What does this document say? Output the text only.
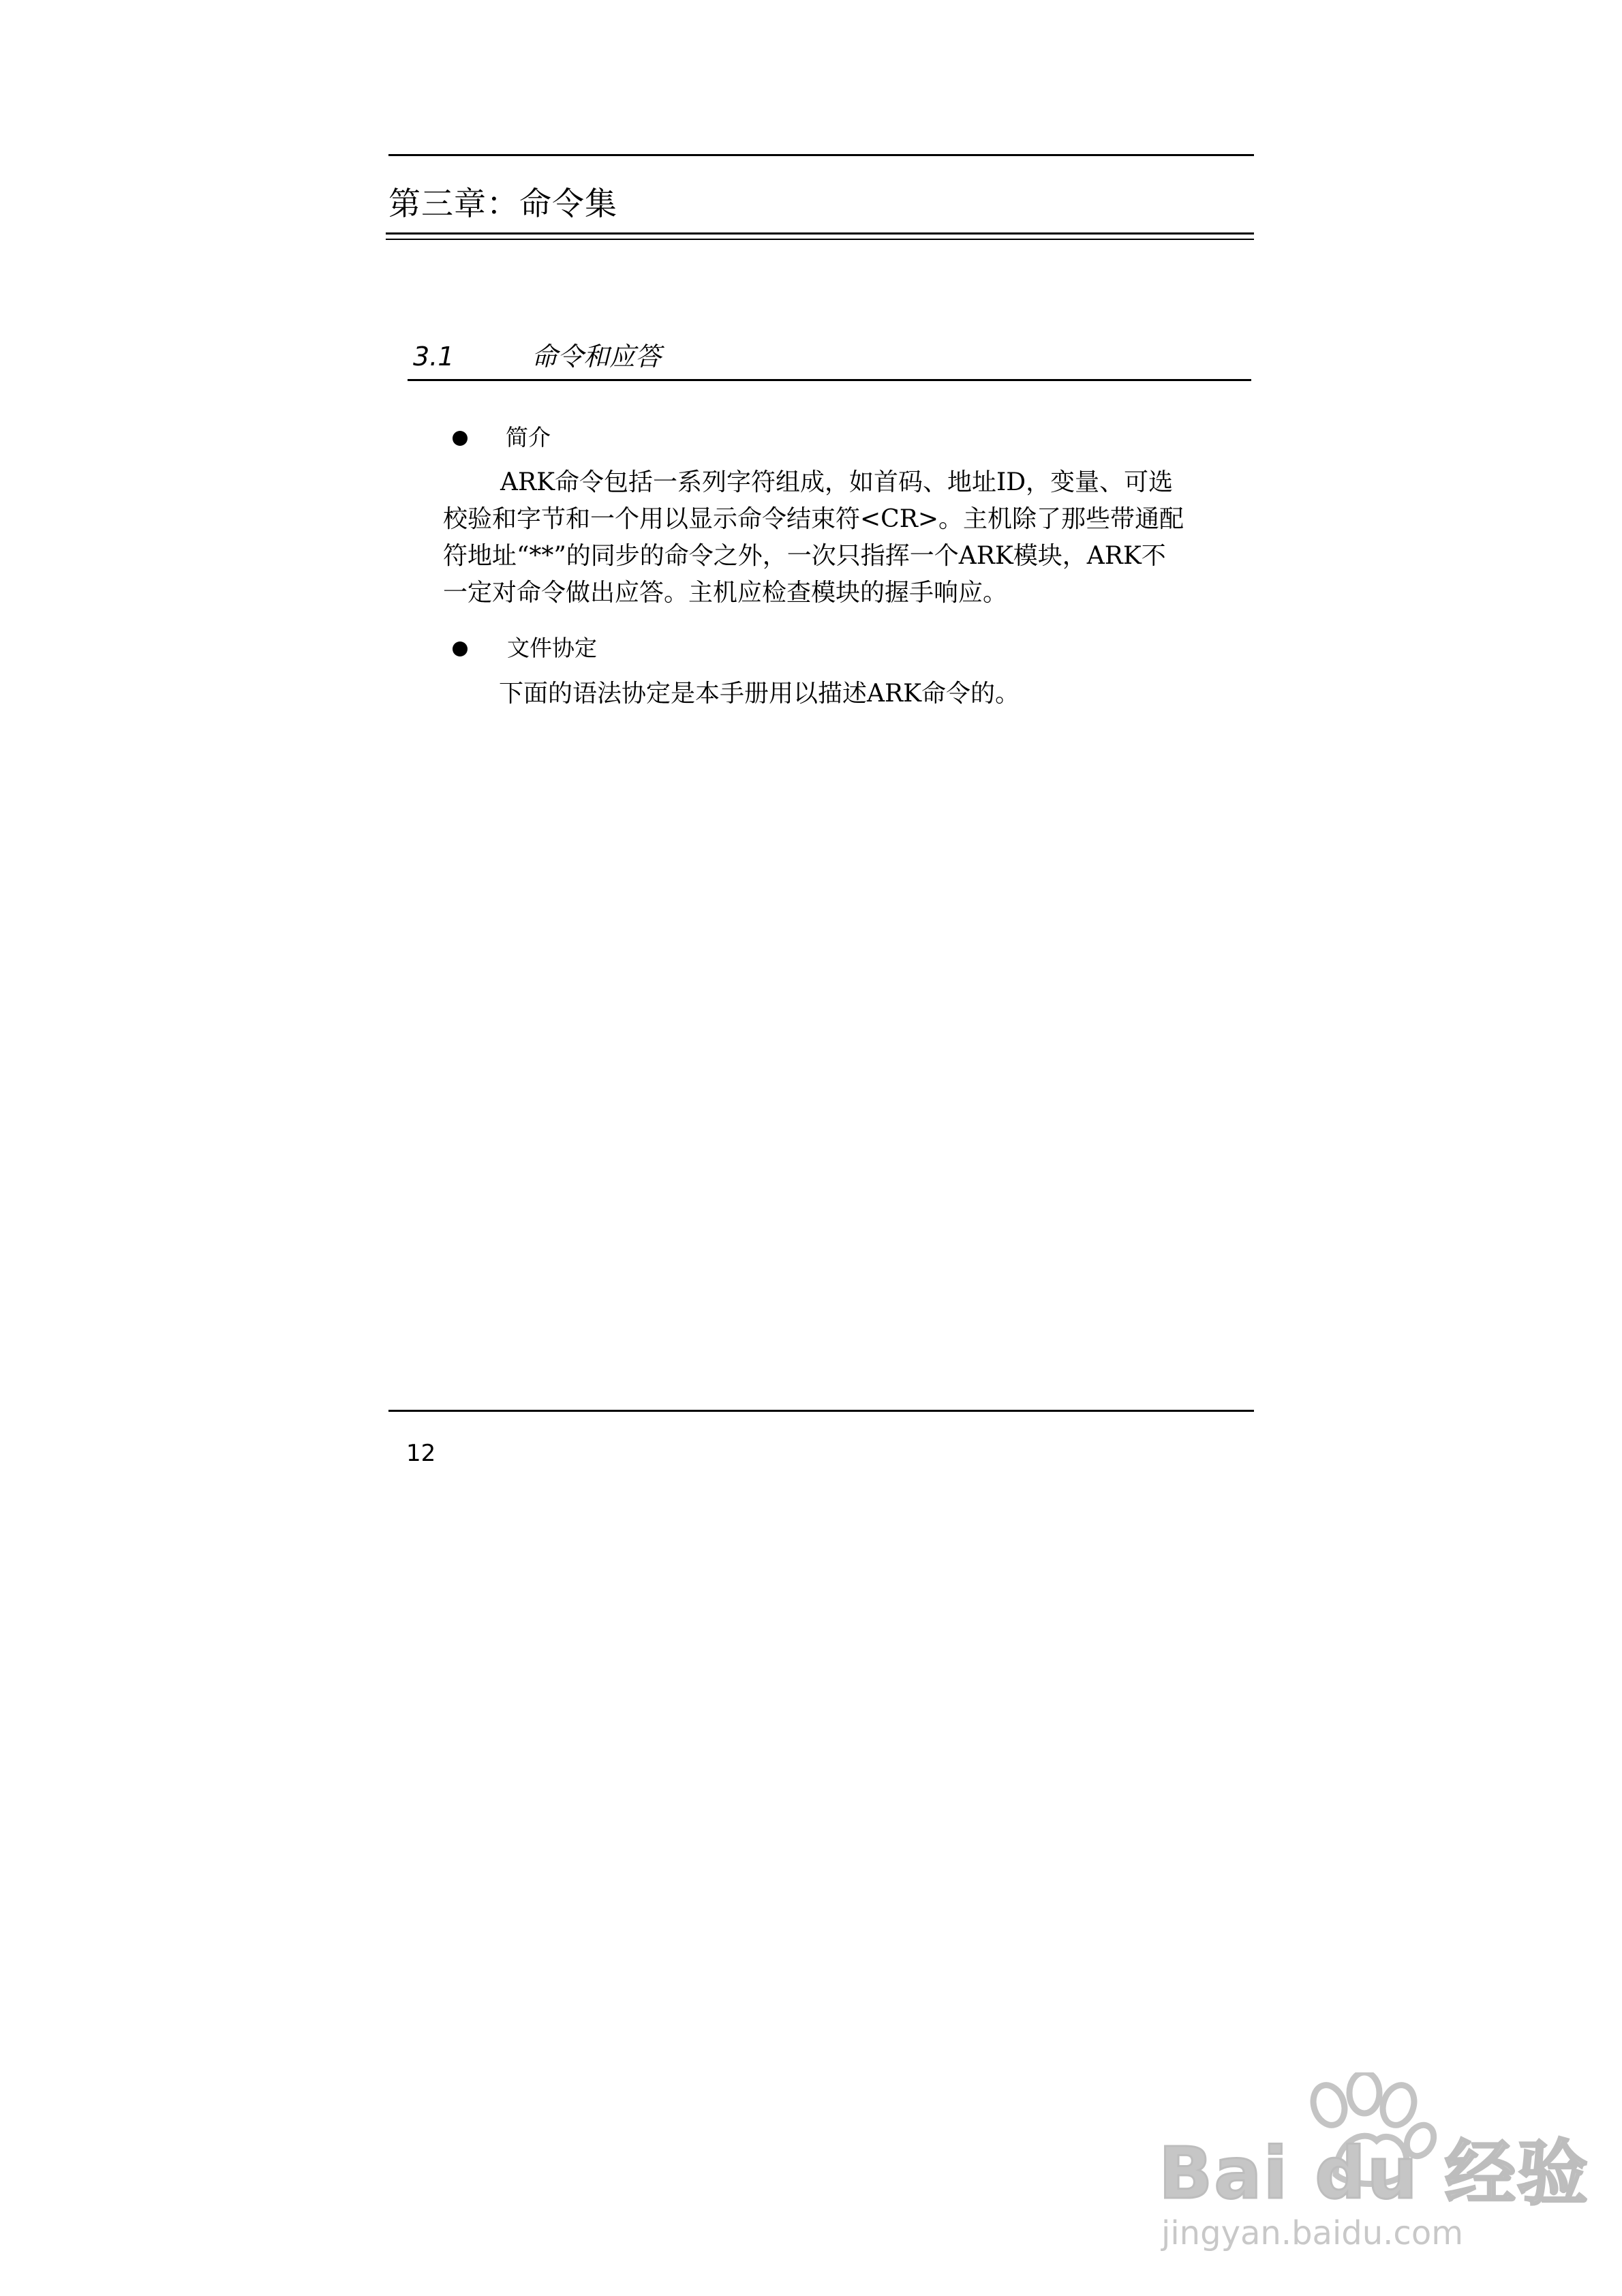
第三章：命令集
3.1	命令和应答
简介
ARK命令包括一系列字符组成，如首码、地址ID，变量、可选
校验和字节和一个用以显示命令结束符<CR>。主机除了那些带通配
符地址“**”的同步的命令之外，一次只指挥一个ARK模块，ARK不
一定对命令做出应答。主机应检查模块的握手响应。
文件协定
下面的语法协定是本手册用以描述ARK命令的。
12
Bai du 经验
jingyan.baidu.com
